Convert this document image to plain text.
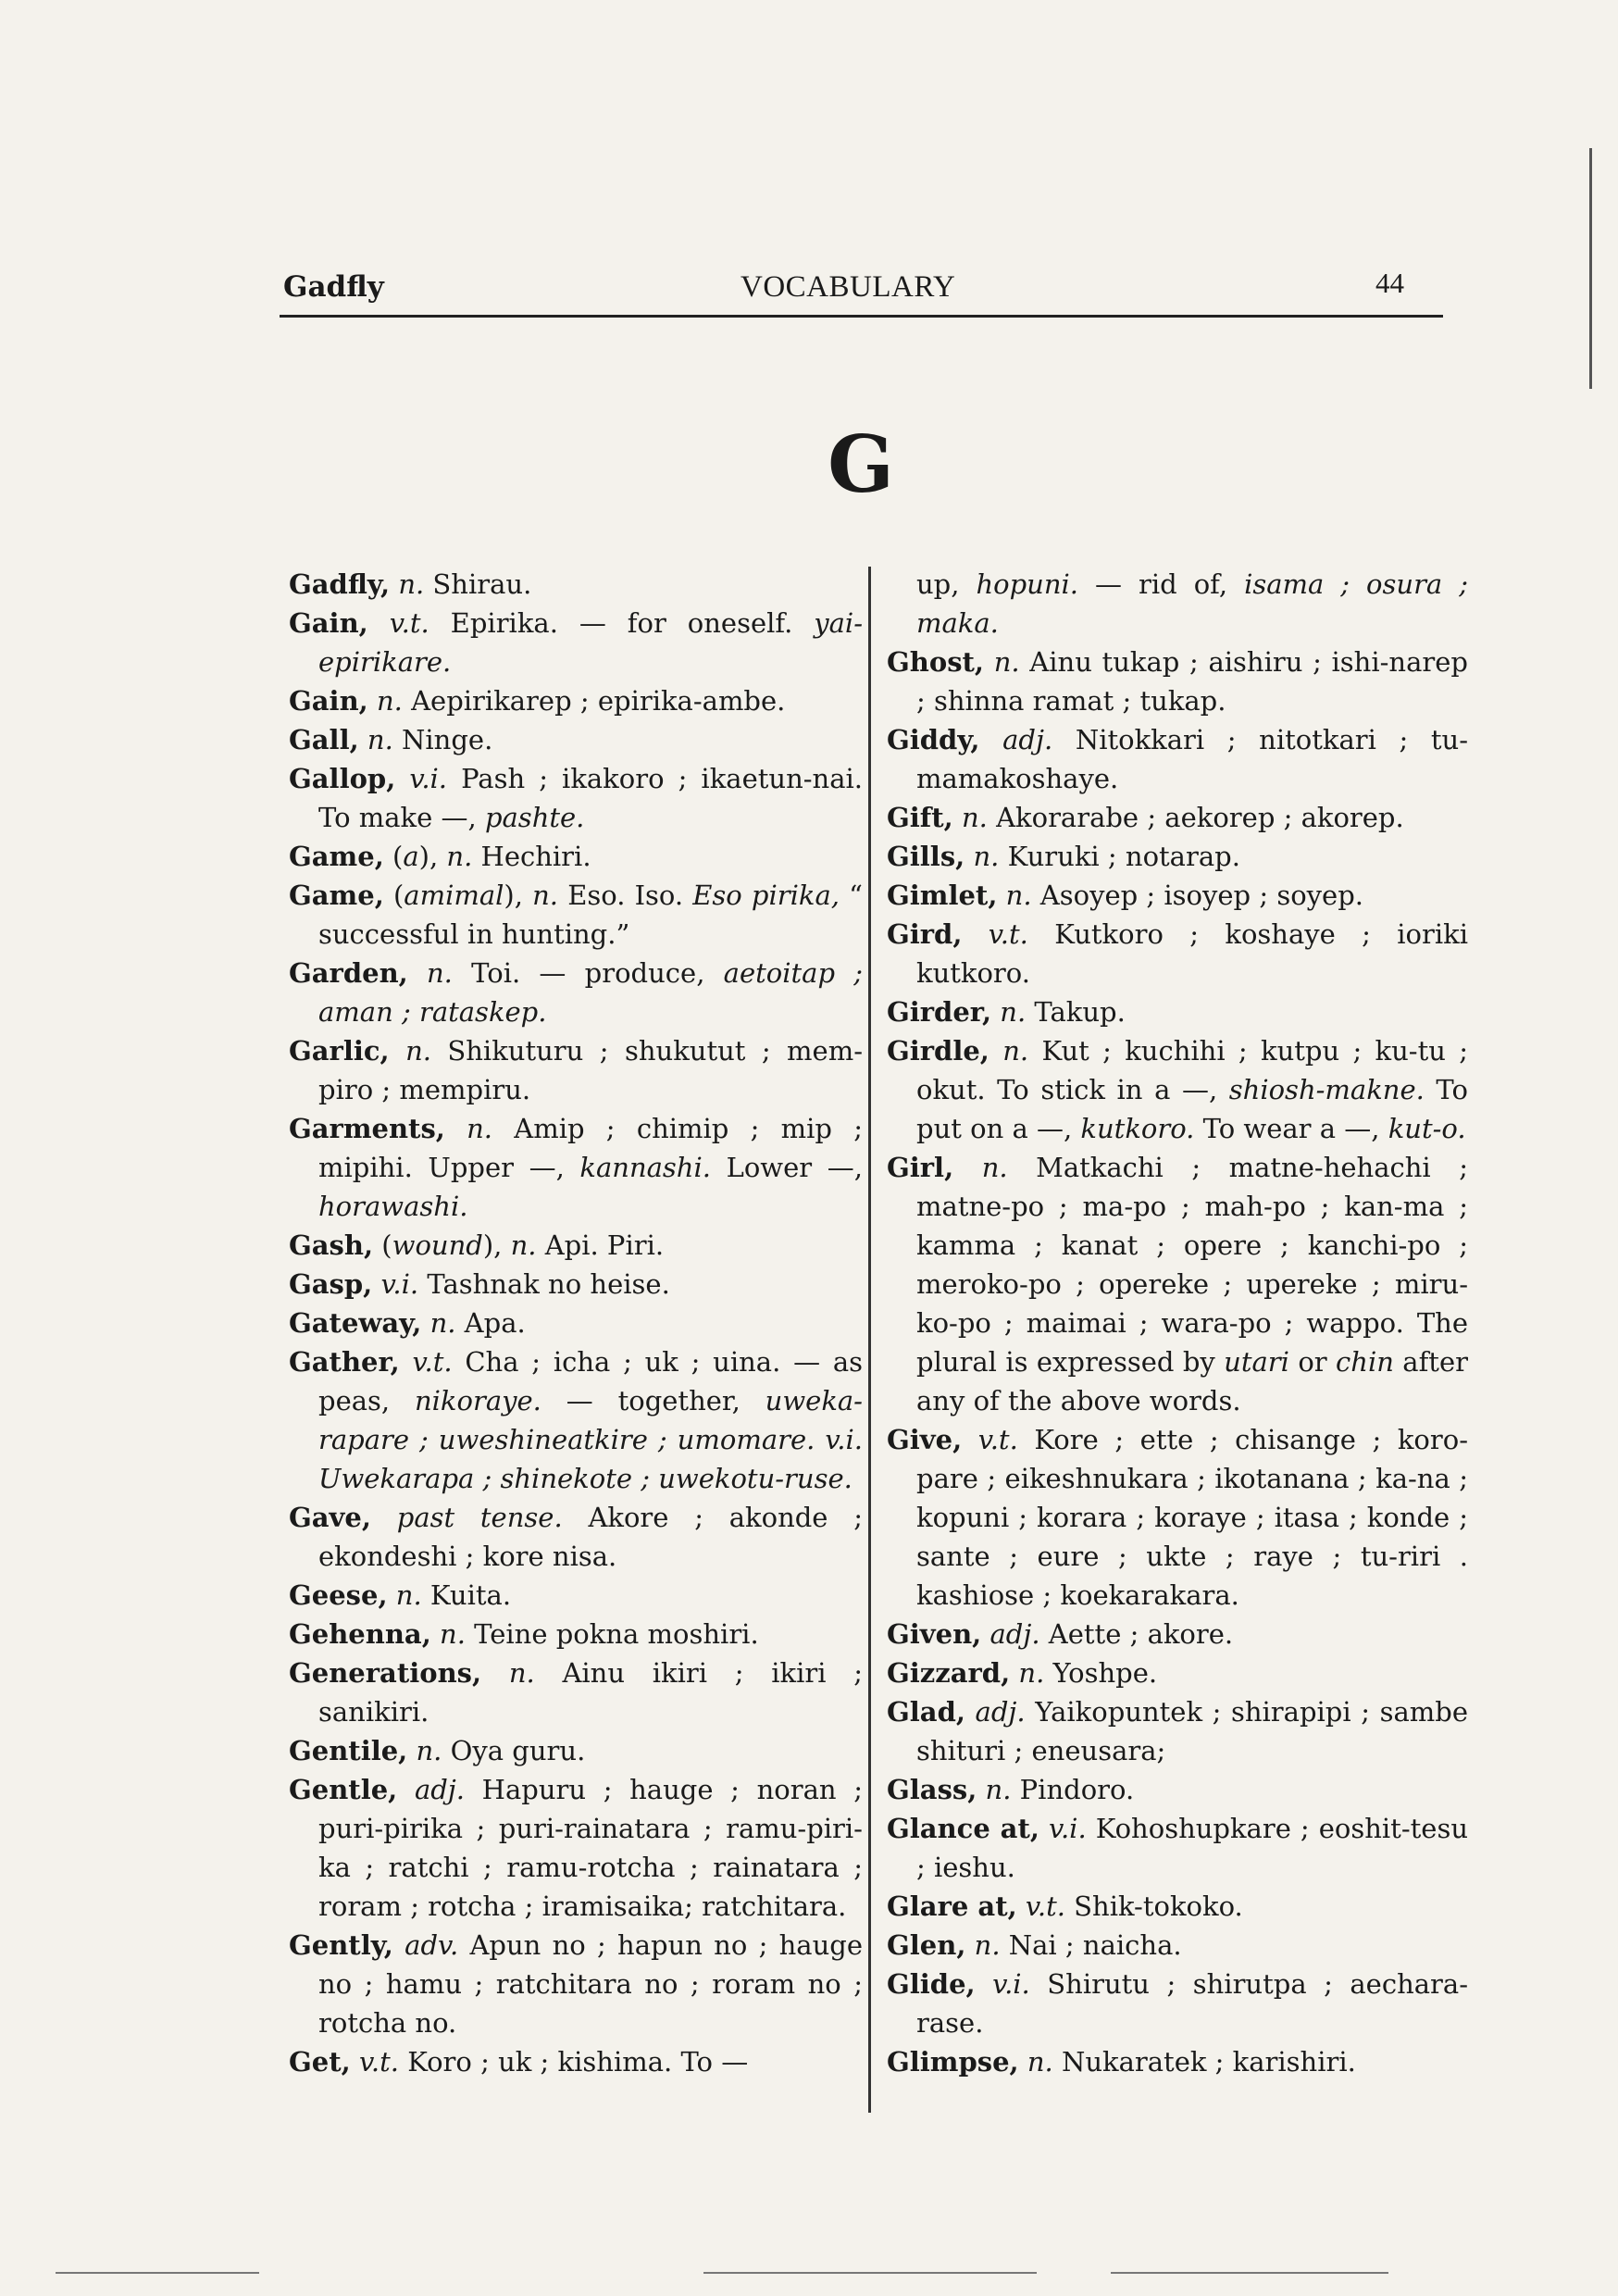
Gadfly	VOCABULARY	44
G

Gadfly, n. Shirau.

Gain, v.t. Epirika. — for oneself. yai-epirikare.

Gain, n. Aepirikarep ; epirika-ambe.

Gall, n. Ninge.

Gallop, v.i. Pash ; ikakoro ; ikaetun-nai. To make —, pashte.

Game, (a), n. Hechiri.

Game, (amimal), n. Eso. Iso. Eso pirika, “ successful in hunting.”

Garden, n. Toi. — produce, aetoitap ; aman ; rataskep.

Garlic, n. Shikuturu ; shukutut ; mem-piro ; mempiru.

Garments, n. Amip ; chimip ; mip ; mipihi. Upper —, kannashi. Lower —, horawashi.

Gash, (wound), n. Api. Piri.

Gasp, v.i. Tashnak no heise.

Gateway, n. Apa.

Gather, v.t. Cha ; icha ; uk ; uina. — as peas, nikoraye. — together, uweka-rapare ; uweshineatkire ; umomare. v.i. Uwekarapa ; shinekote ; uwekotu-ruse.

Gave, past tense. Akore ; akonde ; ekondeshi ; kore nisa.

Geese, n. Kuita.

Gehenna, n. Teine pokna moshiri.

Generations, n. Ainu ikiri ; ikiri ; sanikiri.

Gentile, n. Oya guru.

Gentle, adj. Hapuru ; hauge ; noran ; puri-pirika ; puri-rainatara ; ramu-piri-ka ; ratchi ; ramu-rotcha ; rainatara ; roram ; rotcha ; iramisaika; ratchitara.

Gently, adv. Apun no ; hapun no ; hauge no ; hamu ; ratchitara no ; roram no ; rotcha no.

Get, v.t. Koro ; uk ; kishima. To —

up, hopuni. — rid of, isama ; osura ; maka.

Ghost, n. Ainu tukap ; aishiru ; ishi-narep ; shinna ramat ; tukap.

Giddy, adj. Nitokkari ; nitotkari ; tu-mamakoshaye.

Gift, n. Akorarabe ; aekorep ; akorep.

Gills, n. Kuruki ; notarap.

Gimlet, n. Asoyep ; isoyep ; soyep.

Gird, v.t. Kutkoro ; koshaye ; ioriki kutkoro.

Girder, n. Takup.

Girdle, n. Kut ; kuchihi ; kutpu ; ku-tu ; okut. To stick in a —, shiosh-makne. To put on a —, kutkoro. To wear a —, kut-o.

Girl, n. Matkachi ; matne-hehachi ; matne-po ; ma-po ; mah-po ; kan-ma ; kamma ; kanat ; opere ; kanchi-po ; meroko-po ; opereke ; upereke ; miru-ko-po ; maimai ; wara-po ; wappo. The plural is expressed by utari or chin after any of the above words.

Give, v.t. Kore ; ette ; chisange ; koro-pare ; eikeshnukara ; ikotanana ; ka-na ; kopuni ; korara ; koraye ; itasa ; konde ; sante ; eure ; ukte ; raye ; tu-riri . kashiose ; koekarakara.

Given, adj. Aette ; akore.

Gizzard, n. Yoshpe.

Glad, adj. Yaikopuntek ; shirapipi ; sambe shituri ; eneusara;

Glass, n. Pindoro.

Glance at, v.i. Kohoshupkare ; eoshit-tesu ; ieshu.

Glare at, v.t. Shik-tokoko.

Glen, n. Nai ; naicha.

Glide, v.i. Shirutu ; shirutpa ; aechara-rase.

Glimpse, n. Nukaratek ; karishiri.
